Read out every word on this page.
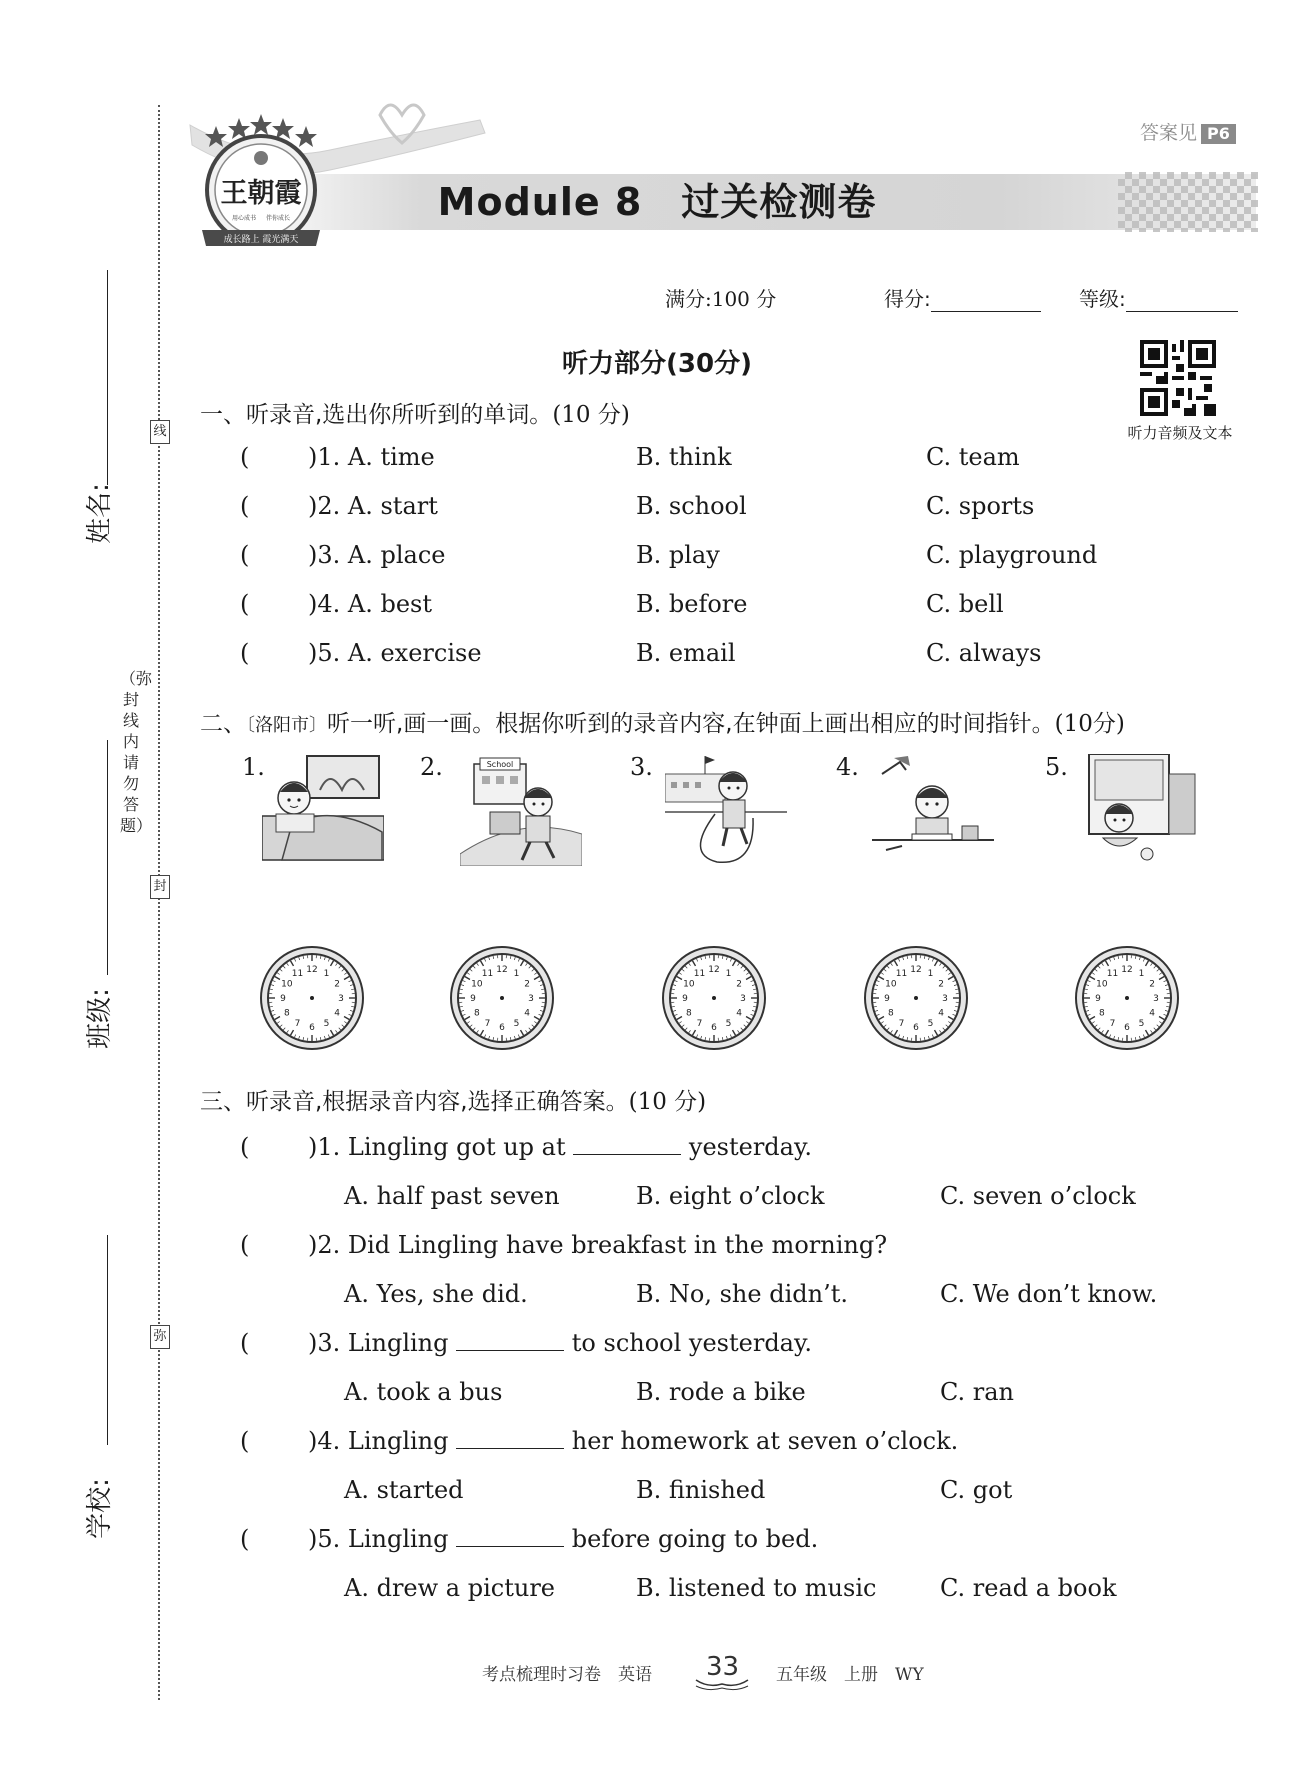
线
封
弥
（弥封线内请勿答题）
姓名:
班级:
学校:
王朝霞
用心成书 伴你成长
成长路上 霞光满天
答案见 P6
Module 8　过关检测卷
满分:100 分	得分:	等级:
听力音频及文本
听力部分(30分)
一、听录音,选出你所听到的单词。(10 分)
( )1. A. time	B. think	C. team
( )2. A. start	B. school	C. sports
( )3. A. place	B. play	C. playground
( )4. A. best	B. before	C. bell
( )5. A. exercise	B. email	C. always
二、〔洛阳市〕听一听,画一画。根据你听到的录音内容,在钟面上画出相应的时间指针。(10分)
1.	2.	3.	4.	5.
School
12 1
2
3
4
5
6
7
8
9
10
11	12 1
2
3
4
5
6
7
8
9
10
11	12 1
2
3
4
5
6
7
8
9
10
11	12 1
2
3
4
5
6
7
8
9
10
11	12 1
2
3
4
5
6
7
8
9
10
11
三、听录音,根据录音内容,选择正确答案。(10 分)
( )1. Lingling got up at	yesterday.
A. half past seven	B. eight o’clock	C. seven o’clock
( )2. Did Lingling have breakfast in the morning?
A. Yes, she did.	B. No, she didn’t.	C. We don’t know.
( )3. Lingling	to school yesterday.
A. took a bus	B. rode a bike	C. ran
( )4. Lingling	her homework at seven o’clock.
A. started	B. finished	C. got
( )5. Lingling	before going to bed.
A. drew a picture	B. listened to music	C. read a book
考点梳理时习卷　英语 33 五年级　上册　WY
